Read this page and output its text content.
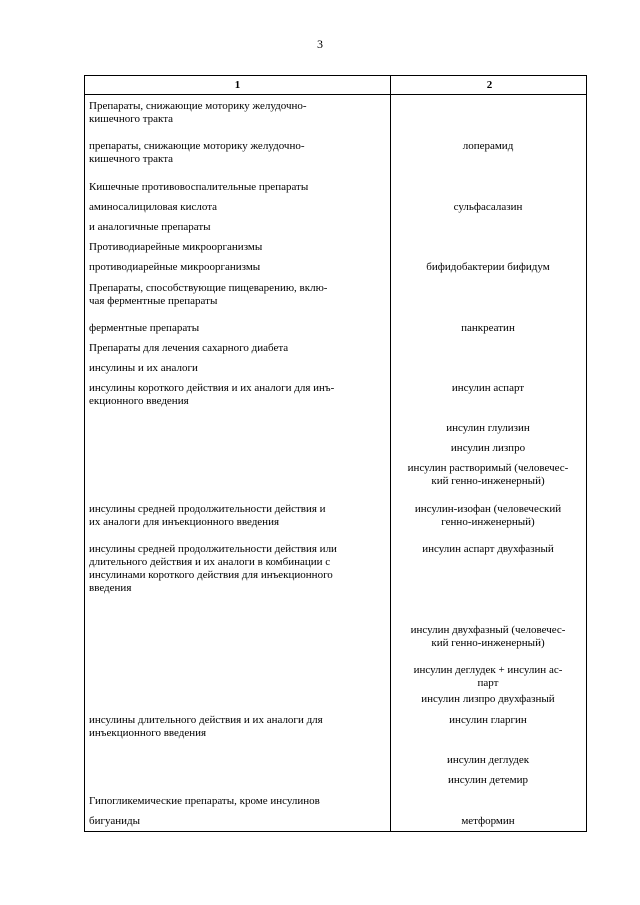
3
1	2
Препараты, снижающие моторику желудочно-
кишечного тракта
препараты, снижающие моторику желудочно-
кишечного тракта
Кишечные противовоспалительные препараты
аминосалициловая кислота
и аналогичные препараты
Противодиарейные микроорганизмы
противодиарейные микроорганизмы
Препараты, способствующие пищеварению, вклю-
чая ферментные препараты
ферментные препараты
Препараты для лечения сахарного диабета
инсулины и их аналоги
инсулины короткого действия и их аналоги для инъ-
екционного введения
инсулины средней продолжительности действия и
их аналоги для инъекционного введения
инсулины средней продолжительности действия или
длительного действия и их аналоги в комбинации с
инсулинами короткого действия для инъекционного
введения
инсулины длительного действия и их аналоги для
инъекционного введения
Гипогликемические препараты, кроме инсулинов
бигуаниды
лоперамид
сульфасалазин
бифидобактерии бифидум
панкреатин
инсулин аспарт
инсулин глулизин
инсулин лизпро
инсулин растворимый (человечес-
кий генно-инженерный)
инсулин-изофан (человеческий
генно-инженерный)
инсулин аспарт двухфазный
инсулин двухфазный (человечес-
кий генно-инженерный)
инсулин деглудек + инсулин ас-
парт
инсулин лизпро двухфазный
инсулин гларгин
инсулин деглудек
инсулин детемир
метформин
